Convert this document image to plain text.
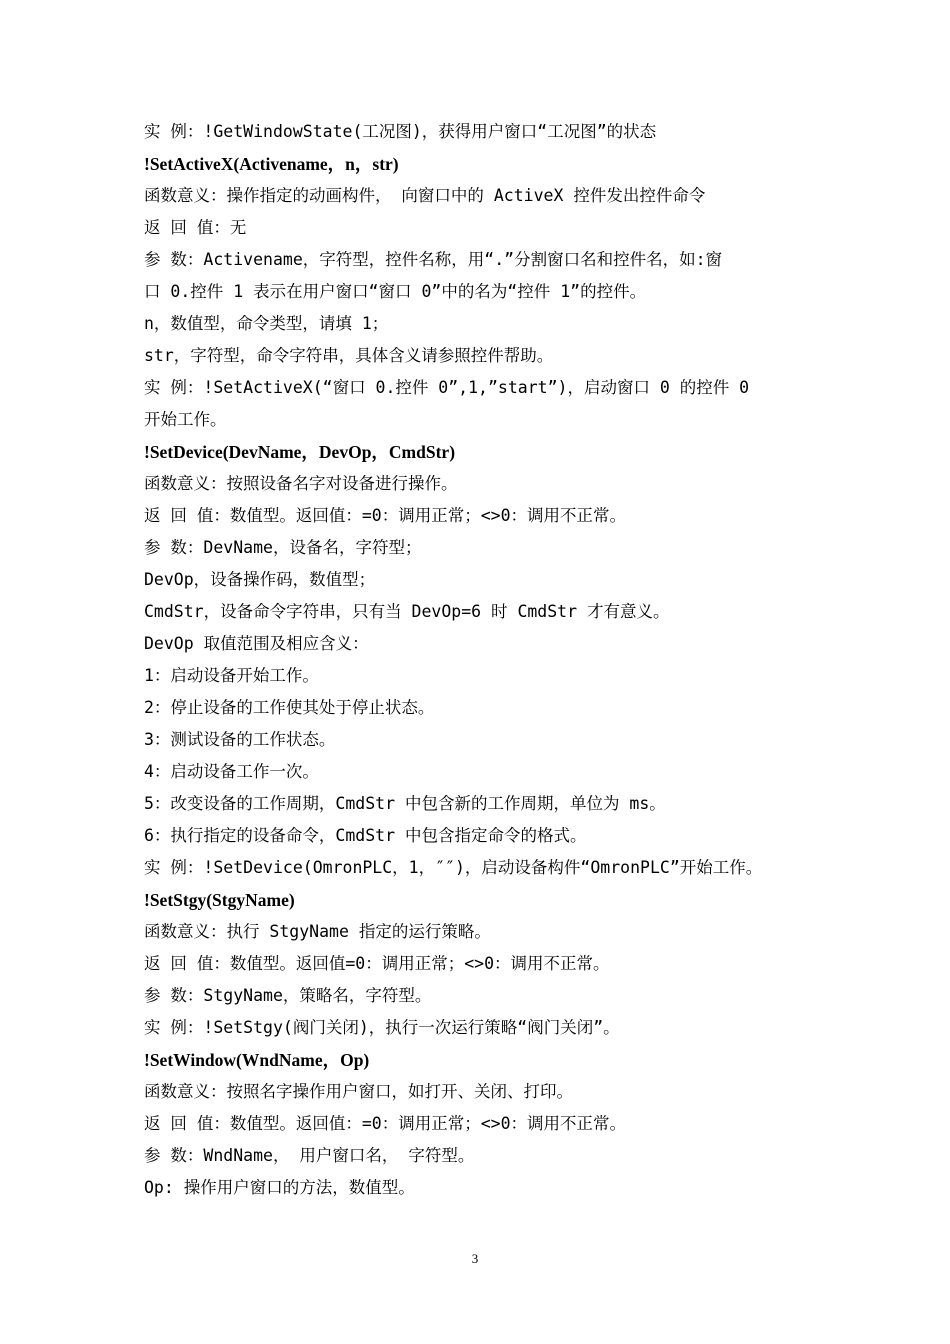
实 例：!GetWindowState(工况图)，获得用户窗口“工况图”的状态
!SetActiveX(Activename，n，str)
函数意义：操作指定的动画构件， 向窗口中的 ActiveX 控件发出控件命令
返 回 值：无
参 数：Activename，字符型，控件名称，用“.”分割窗口名和控件名，如:窗
口 0.控件 1 表示在用户窗口“窗口 0”中的名为“控件 1”的控件。
n，数值型，命令类型，请填 1；
str，字符型，命令字符串，具体含义请参照控件帮助。
实 例：!SetActiveX(“窗口 0.控件 0”,1,”start”)，启动窗口 0 的控件 0
开始工作。
!SetDevice(DevName，DevOp，CmdStr)
函数意义：按照设备名字对设备进行操作。
返 回 值：数值型。返回值：=0：调用正常；<>0：调用不正常。
参 数：DevName，设备名，字符型；
DevOp，设备操作码，数值型；
CmdStr，设备命令字符串，只有当 DevOp=6 时 CmdStr 才有意义。
DevOp 取值范围及相应含义：
1：启动设备开始工作。
2：停止设备的工作使其处于停止状态。
3：测试设备的工作状态。
4：启动设备工作一次。
5：改变设备的工作周期，CmdStr 中包含新的工作周期，单位为 ms。
6：执行指定的设备命令，CmdStr 中包含指定命令的格式。
实 例：!SetDevice(OmronPLC，1，″″)，启动设备构件“OmronPLC”开始工作。
!SetStgy(StgyName)
函数意义：执行 StgyName 指定的运行策略。
返 回 值：数值型。返回值=0：调用正常；<>0：调用不正常。
参 数：StgyName，策略名，字符型。
实 例：!SetStgy(阀门关闭)，执行一次运行策略“阀门关闭”。
!SetWindow(WndName，Op)
函数意义：按照名字操作用户窗口，如打开、关闭、打印。
返 回 值：数值型。返回值：=0：调用正常；<>0：调用不正常。
参 数：WndName， 用户窗口名， 字符型。
Op: 操作用户窗口的方法，数值型。
3
